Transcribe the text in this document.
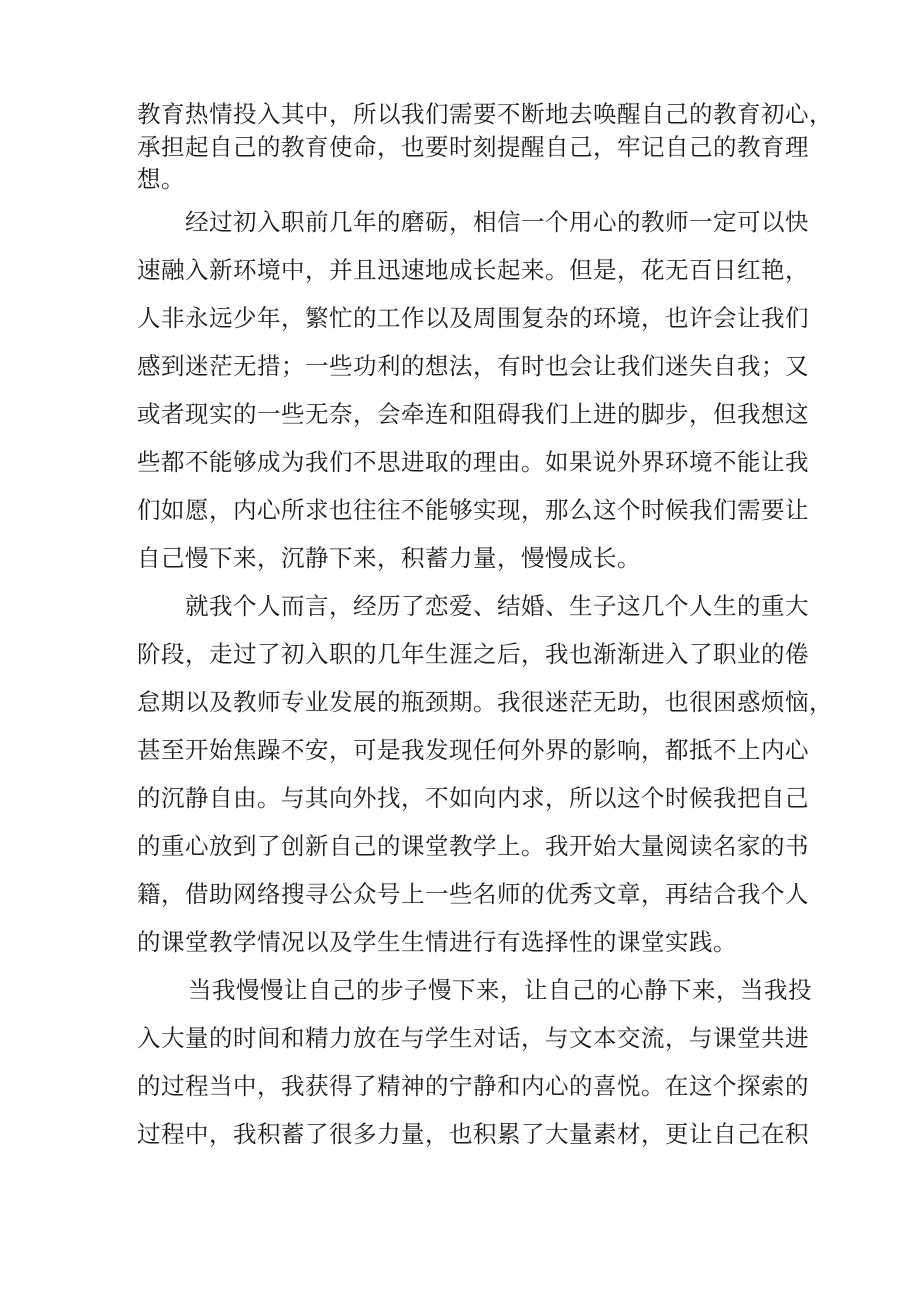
教育热情投入其中，所以我们需要不断地去唤醒自己的教育初心，
承担起自己的教育使命，也要时刻提醒自己，牢记自己的教育理
想。
经过初入职前几年的磨砺，相信一个用心的教师一定可以快
速融入新环境中，并且迅速地成长起来。但是，花无百日红艳，
人非永远少年，繁忙的工作以及周围复杂的环境，也许会让我们
感到迷茫无措；一些功利的想法，有时也会让我们迷失自我；又
或者现实的一些无奈，会牵连和阻碍我们上进的脚步，但我想这
些都不能够成为我们不思进取的理由。如果说外界环境不能让我
们如愿，内心所求也往往不能够实现，那么这个时候我们需要让
自己慢下来，沉静下来，积蓄力量，慢慢成长。
就我个人而言，经历了恋爱、结婚、生子这几个人生的重大
阶段，走过了初入职的几年生涯之后，我也渐渐进入了职业的倦
怠期以及教师专业发展的瓶颈期。我很迷茫无助，也很困惑烦恼，
甚至开始焦躁不安，可是我发现任何外界的影响，都抵不上内心
的沉静自由。与其向外找，不如向内求，所以这个时候我把自己
的重心放到了创新自己的课堂教学上。我开始大量阅读名家的书
籍，借助网络搜寻公众号上一些名师的优秀文章，再结合我个人
的课堂教学情况以及学生生情进行有选择性的课堂实践。
当我慢慢让自己的步子慢下来，让自己的心静下来，当我投
入大量的时间和精力放在与学生对话，与文本交流，与课堂共进
的过程当中，我获得了精神的宁静和内心的喜悦。在这个探索的
过程中，我积蓄了很多力量，也积累了大量素材，更让自己在积
